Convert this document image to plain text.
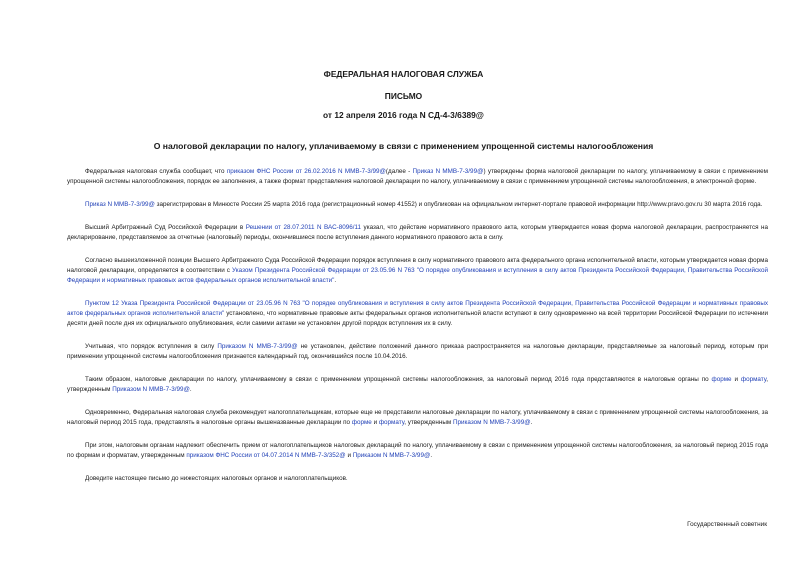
ФЕДЕРАЛЬНАЯ НАЛОГОВАЯ СЛУЖБА
ПИСЬМО
от 12 апреля 2016 года N СД-4-3/6389@
О налоговой декларации по налогу, уплачиваемому в связи с применением упрощенной системы налогообложения

Федеральная налоговая служба сообщает, что приказом ФНС России от 26.02.2016 N ММВ-7-3/99@(далее - Приказ N ММВ-7-3/99@) утверждены форма налоговой декларации по налогу, уплачиваемому в связи с применением упрощенной системы налогообложения, порядок ее заполнения, а также формат представления налоговой декларации по налогу, уплачиваемому в связи с применением упрощенной системы налогообложения, в электронной форме.

Приказ N ММВ-7-3/99@ зарегистрирован в Минюсте России 25 марта 2016 года (регистрационный номер 41552) и опубликован на официальном интернет-портале правовой информации http://www.pravo.gov.ru 30 марта 2016 года.

Высший Арбитражный Суд Российской Федерации в Решении от 28.07.2011 N ВАС-8096/11 указал, что действие нормативного правового акта, которым утверждается новая форма налоговой декларации, распространяется на декларирование, представляемое за отчетные (налоговый) периоды, окончившиеся после вступления данного нормативного правового акта в силу.

Согласно вышеизложенной позиции Высшего Арбитражного Суда Российской Федерации порядок вступления в силу нормативного правового акта федерального органа исполнительной власти, которым утверждается новая форма налоговой декларации, определяется в соответствии с Указом Президента Российской Федерации от 23.05.96 N 763 "О порядке опубликования и вступления в силу актов Президента Российской Федерации, Правительства Российской Федерации и нормативных правовых актов федеральных органов исполнительной власти".

Пунктом 12 Указа Президента Российской Федерации от 23.05.96 N 763 "О порядке опубликования и вступления в силу актов Президента Российской Федерации, Правительства Российской Федерации и нормативных правовых актов федеральных органов исполнительной власти" установлено, что нормативные правовые акты федеральных органов исполнительной власти вступают в силу одновременно на всей территории Российской Федерации по истечении десяти дней после дня их официального опубликования, если самими актами не установлен другой порядок вступления их в силу.

Учитывая, что порядок вступления в силу Приказом N ММВ-7-3/99@ не установлен, действие положений данного приказа распространяется на налоговые декларации, представляемые за налоговый период, которым при применении упрощенной системы налогообложения признается календарный год, окончившийся после 10.04.2016.

Таким образом, налоговые декларации по налогу, уплачиваемому в связи с применением упрощенной системы налогообложения, за налоговый период 2016 года представляются в налоговые органы по форме и формату, утвержденным Приказом N ММВ-7-3/99@.

Одновременно, Федеральная налоговая служба рекомендует налогоплательщикам, которые еще не представили налоговые декларации по налогу, уплачиваемому в связи с применением упрощенной системы налогообложения, за налоговый период 2015 года, представлять в налоговые органы вышеназванные декларации по форме и формату, утвержденным Приказом N ММВ-7-3/99@.

При этом, налоговым органам надлежит обеспечить прием от налогоплательщиков налоговых деклараций по налогу, уплачиваемому в связи с применением упрощенной системы налогообложения, за налоговый период 2015 года по формам и форматам, утвержденным приказом ФНС России от 04.07.2014 N ММВ-7-3/352@ и Приказом N ММВ-7-3/99@.

Доведите настоящее письмо до нижестоящих налоговых органов и налогоплательщиков.

Государственный советник
